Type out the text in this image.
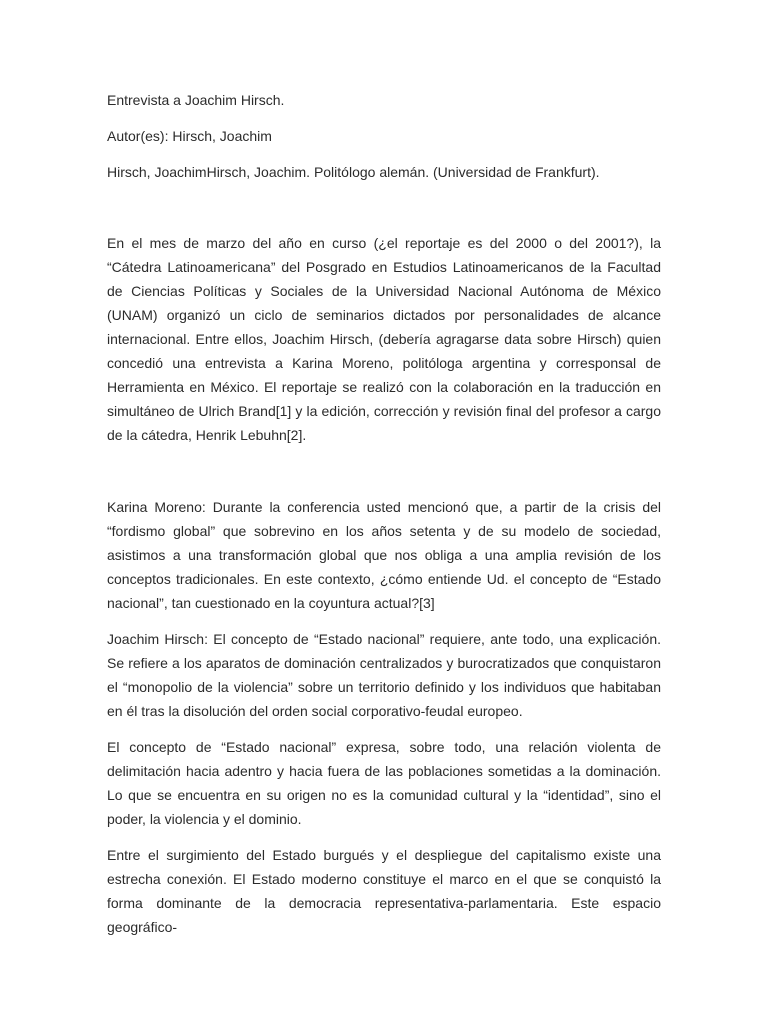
Entrevista a Joachim Hirsch.

Autor(es): Hirsch, Joachim

Hirsch, JoachimHirsch, Joachim. Politólogo alemán. (Universidad de Frankfurt).

En el mes de marzo del año en curso (¿el reportaje es del 2000 o del 2001?), la “Cátedra Latinoamericana” del Posgrado en Estudios Latinoamericanos de la Facultad de Ciencias Políticas y Sociales de la Universidad Nacional Autónoma de México (UNAM) organizó un ciclo de seminarios dictados por personalidades de alcance internacional. Entre ellos, Joachim Hirsch, (debería agragarse data sobre Hirsch) quien concedió una entrevista a Karina Moreno, politóloga argentina y corresponsal de Herramienta en México. El reportaje se realizó con la colaboración en la traducción en simultáneo de Ulrich Brand[1] y la edición, corrección y revisión final del profesor a cargo de la cátedra, Henrik Lebuhn[2].

Karina Moreno: Durante la conferencia usted mencionó que, a partir de la crisis del “fordismo global” que sobrevino en los años setenta y de su modelo de sociedad, asistimos a una transformación global que nos obliga a una amplia revisión de los conceptos tradicionales. En este contexto, ¿cómo entiende Ud. el concepto de “Estado nacional”, tan cuestionado en la coyuntura actual?[3]

Joachim Hirsch: El concepto de “Estado nacional” requiere, ante todo, una explicación. Se refiere a los aparatos de dominación centralizados y burocratizados que conquistaron el “monopolio de la violencia” sobre un territorio definido y los individuos que habitaban en él tras la disolución del orden social corporativo-feudal europeo.

El concepto de “Estado nacional” expresa, sobre todo, una relación violenta de delimitación hacia adentro y hacia fuera de las poblaciones sometidas a la dominación. Lo que se encuentra en su origen no es la comunidad cultural y la “identidad”, sino el poder, la violencia y el dominio.

Entre el surgimiento del Estado burgués y el despliegue del capitalismo existe una estrecha conexión. El Estado moderno constituye el marco en el que se conquistó la forma dominante de la democracia representativa-parlamentaria. Este espacio geográfico-
